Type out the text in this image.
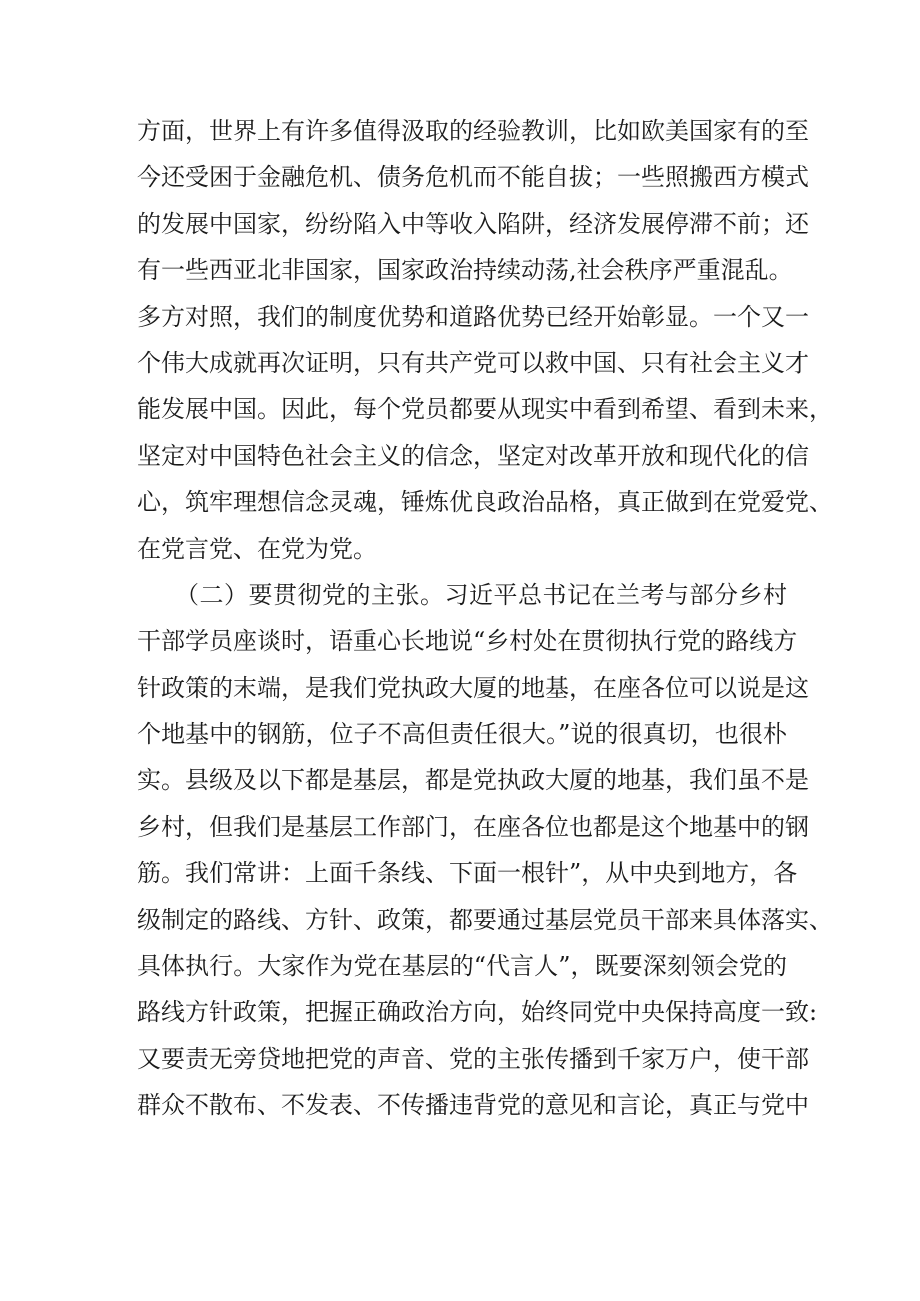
方面，世界上有许多值得汲取的经验教训，比如欧美国家有的至
今还受困于金融危机、债务危机而不能自拔；一些照搬西方模式
的发展中国家，纷纷陷入中等收入陷阱，经济发展停滞不前；还
有一些西亚北非国家，国家政治持续动荡,社会秩序严重混乱。
多方对照，我们的制度优势和道路优势已经开始彰显。一个又一
个伟大成就再次证明，只有共产党可以救中国、只有社会主义才
能发展中国。因此，每个党员都要从现实中看到希望、看到未来，
坚定对中国特色社会主义的信念，坚定对改革开放和现代化的信
心，筑牢理想信念灵魂，锤炼优良政治品格，真正做到在党爱党、
在党言党、在党为党。
（二）要贯彻党的主张。习近平总书记在兰考与部分乡村
干部学员座谈时，语重心长地说“乡村处在贯彻执行党的路线方
针政策的末端，是我们党执政大厦的地基，在座各位可以说是这
个地基中的钢筋，位子不高但责任很大。”说的很真切，也很朴
实。县级及以下都是基层，都是党执政大厦的地基，我们虽不是
乡村，但我们是基层工作部门，在座各位也都是这个地基中的钢
筋。我们常讲：上面千条线、下面一根针”，从中央到地方，各
级制定的路线、方针、政策，都要通过基层党员干部来具体落实、
具体执行。大家作为党在基层的“代言人”，既要深刻领会党的
路线方针政策，把握正确政治方向，始终同党中央保持高度一致:
又要责无旁贷地把党的声音、党的主张传播到千家万户，使干部
群众不散布、不发表、不传播违背党的意见和言论，真正与党中
